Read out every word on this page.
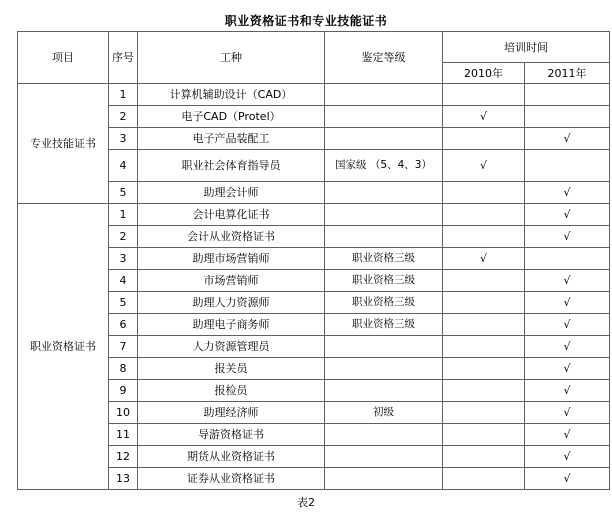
职业资格证书和专业技能证书
项目	序号	工种	鉴定等级	培训时间	
				2010年	2011年
专业技能证书	1	计算机辅助设计（CAD）			
	2	电子CAD（Protel）		√	
	3	电子产品装配工			√
	4	职业社会体育指导员	国家级 （5、4、3）	√	
	5	助理会计师			√
职业资格证书	1	会计电算化证书			√
	2	会计从业资格证书			√
	3	助理市场营销师	职业资格三级	√	
	4	市场营销师	职业资格三级		√
	5	助理人力资源师	职业资格三级		√
	6	助理电子商务师	职业资格三级		√
	7	人力资源管理员			√
	8	报关员			√
	9	报检员			√
	10	助理经济师	初级		√
	11	导游资格证书			√
	12	期货从业资格证书			√
	13	证券从业资格证书			√
表2
